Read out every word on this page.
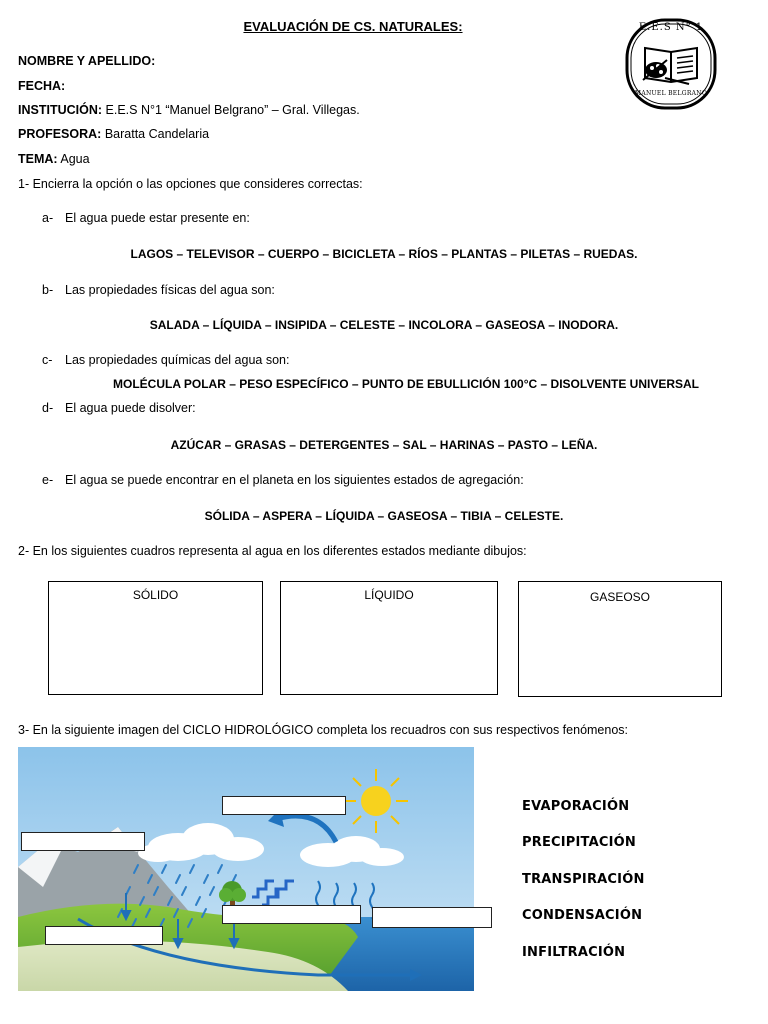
EVALUACIÓN DE CS. NATURALES:	E.E.S N° 1
MANUEL BELGRANO
NOMBRE Y APELLIDO:
FECHA:
INSTITUCIÓN: E.E.S N°1 “Manuel Belgrano” – Gral. Villegas.
PROFESORA: Baratta Candelaria
TEMA: Agua
1- Encierra la opción o las opciones que consideres correctas:
a- El agua puede estar presente en:
LAGOS – TELEVISOR – CUERPO – BICICLETA – RÍOS – PLANTAS – PILETAS – RUEDAS.
b- Las propiedades físicas del agua son:
SALADA – LÍQUIDA – INSIPIDA – CELESTE – INCOLORA – GASEOSA – INODORA.
c- Las propiedades químicas del agua son:
MOLÉCULA POLAR – PESO ESPECÍFICO – PUNTO DE EBULLICIÓN 100°C – DISOLVENTE UNIVERSAL
d- El agua puede disolver:
AZÚCAR – GRASAS – DETERGENTES – SAL – HARINAS – PASTO – LEÑA.
e- El agua se puede encontrar en el planeta en los siguientes estados de agregación:
SÓLIDA – ASPERA – LÍQUIDA – GASEOSA – TIBIA – CELESTE.
2- En los siguientes cuadros representa al agua en los diferentes estados mediante dibujos:
SÓLIDO	LÍQUIDO	GASEOSO
3- En la siguiente imagen del CICLO HIDROLÓGICO completa los recuadros con sus respectivos fenómenos:
EVAPORACIÓN
PRECIPITACIÓN
TRANSPIRACIÓN
CONDENSACIÓN
INFILTRACIÓN
